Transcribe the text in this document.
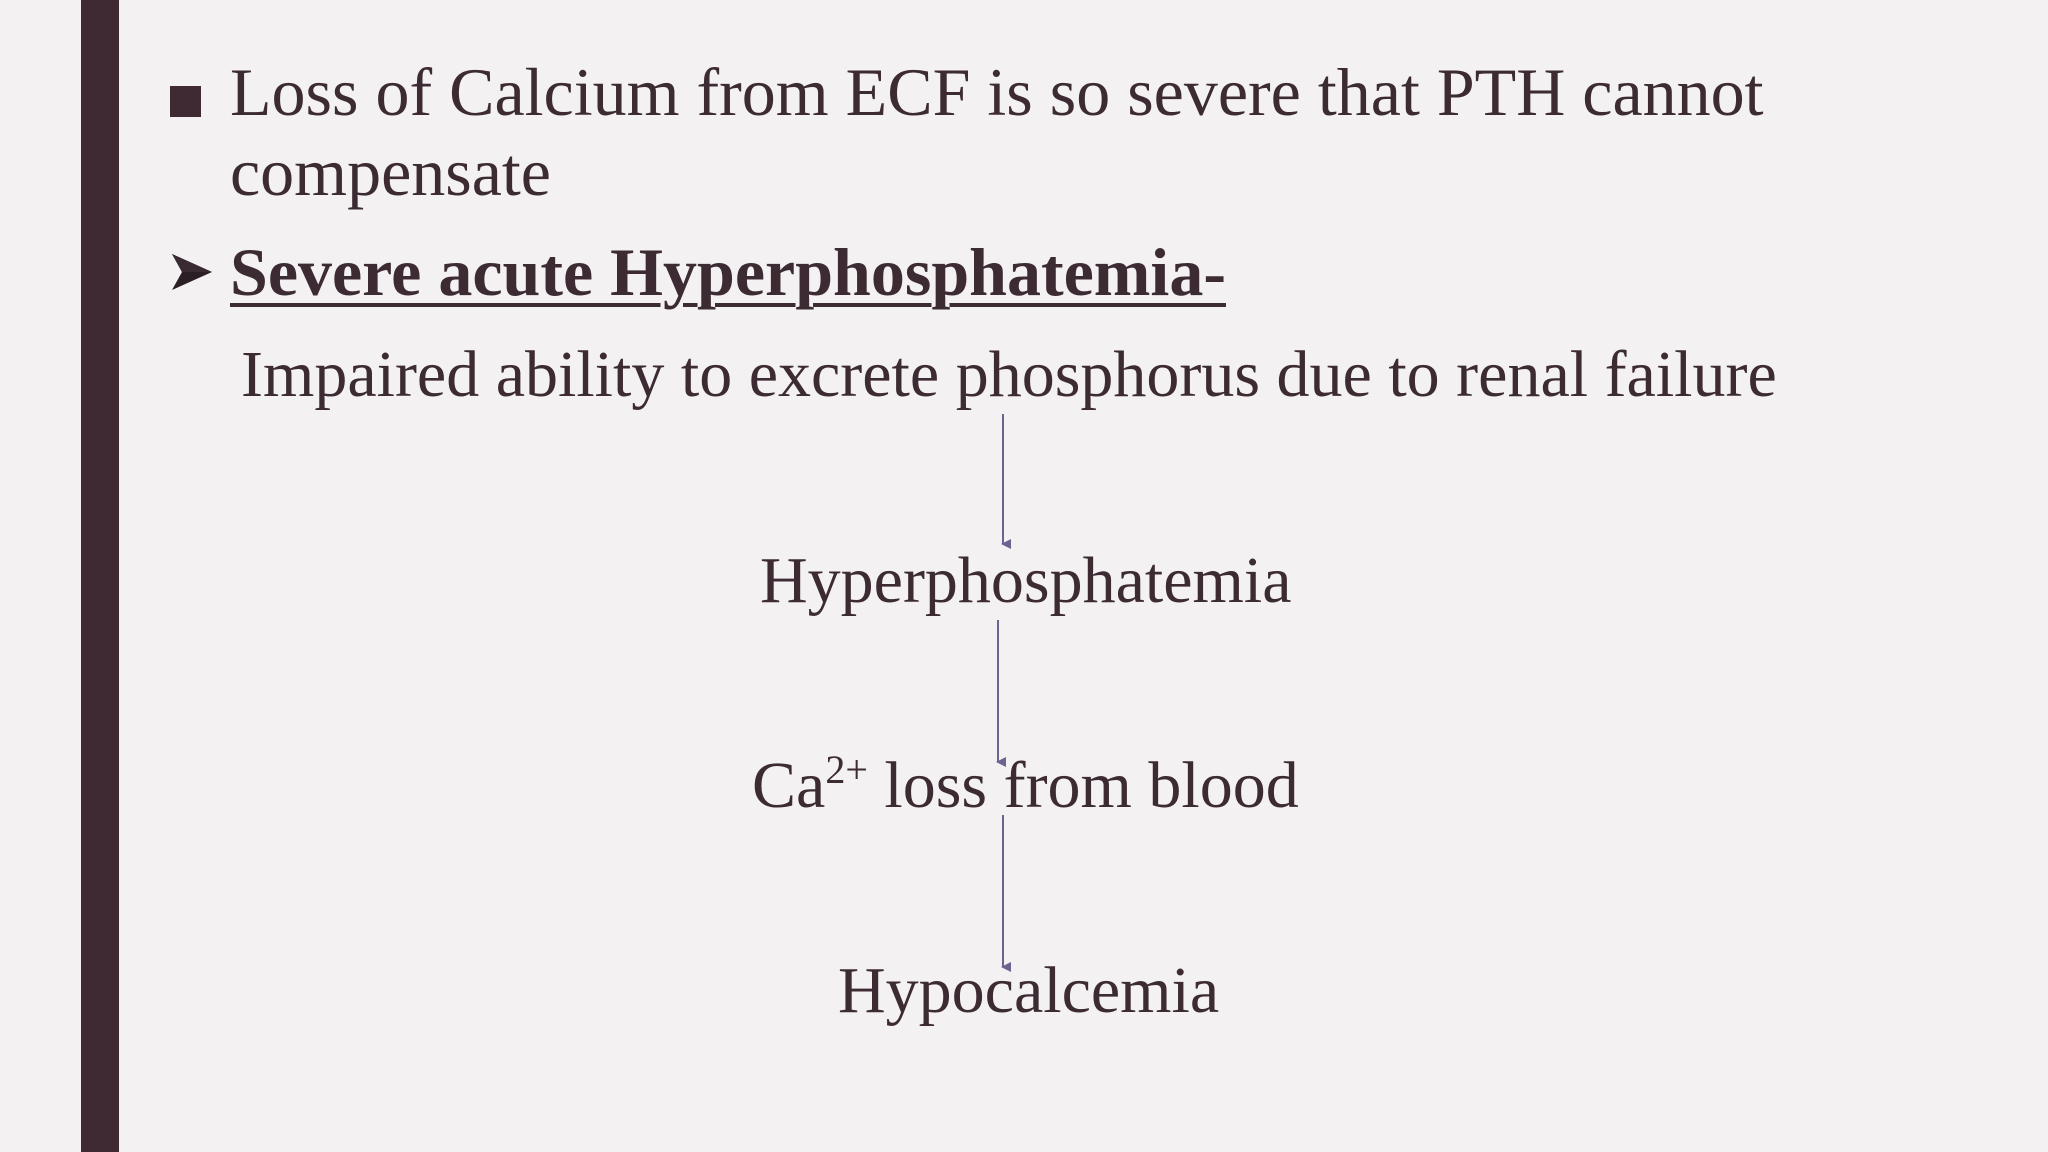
Loss of Calcium from ECF is so severe that PTH cannot
compensate
Severe acute Hyperphosphatemia-
Impaired ability to excrete phosphorus due to renal failure
Hyperphosphatemia
$Ca^{2+}$ loss from blood
Hypocalcemia
